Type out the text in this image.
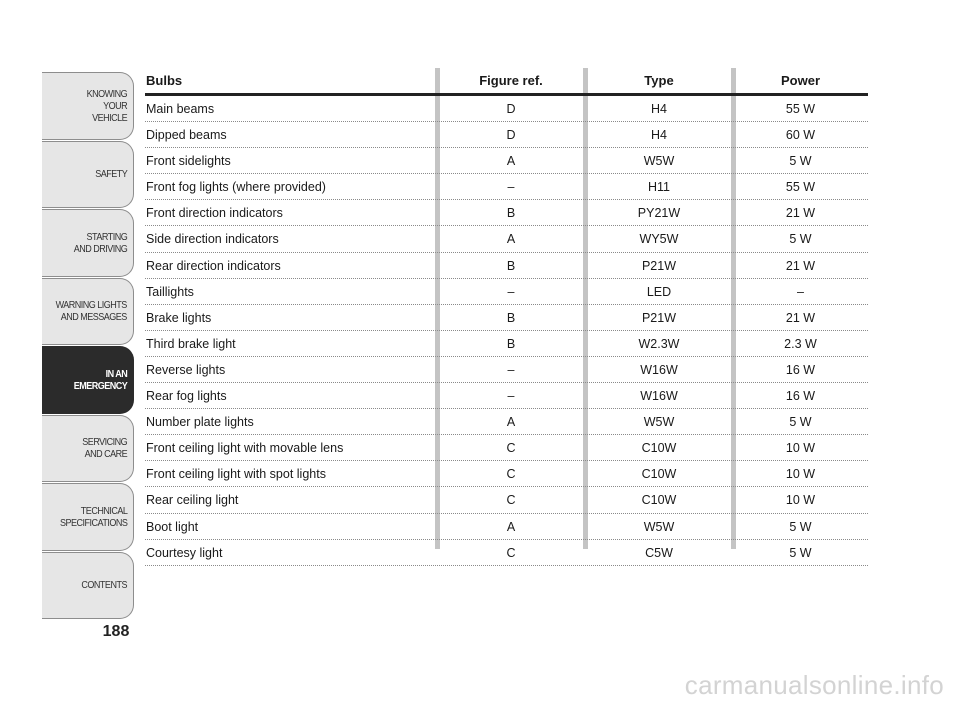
KNOWING
YOUR
VEHICLE
SAFETY
STARTING
AND DRIVING
WARNING LIGHTS
AND MESSAGES
IN AN
EMERGENCY
SERVICING
AND CARE
TECHNICAL
SPECIFICATIONS
CONTENTS
188
Bulbs	Figure ref.	Type	Power
Main beams	D	H4	55 W
Dipped beams	D	H4	60 W
Front sidelights	A	W5W	5 W
Front fog lights (where provided)	–	H11	55 W
Front direction indicators	B	PY21W	21 W
Side direction indicators	A	WY5W	5 W
Rear direction indicators	B	P21W	21 W
Taillights	–	LED	–
Brake lights	B	P21W	21 W
Third brake light	B	W2.3W	2.3 W
Reverse lights	–	W16W	16 W
Rear fog lights	–	W16W	16 W
Number plate lights	A	W5W	5 W
Front ceiling light with movable lens	C	C10W	10 W
Front ceiling light with spot lights	C	C10W	10 W
Rear ceiling light	C	C10W	10 W
Boot light	A	W5W	5 W
Courtesy light	C	C5W	5 W
carmanualsonline.info
